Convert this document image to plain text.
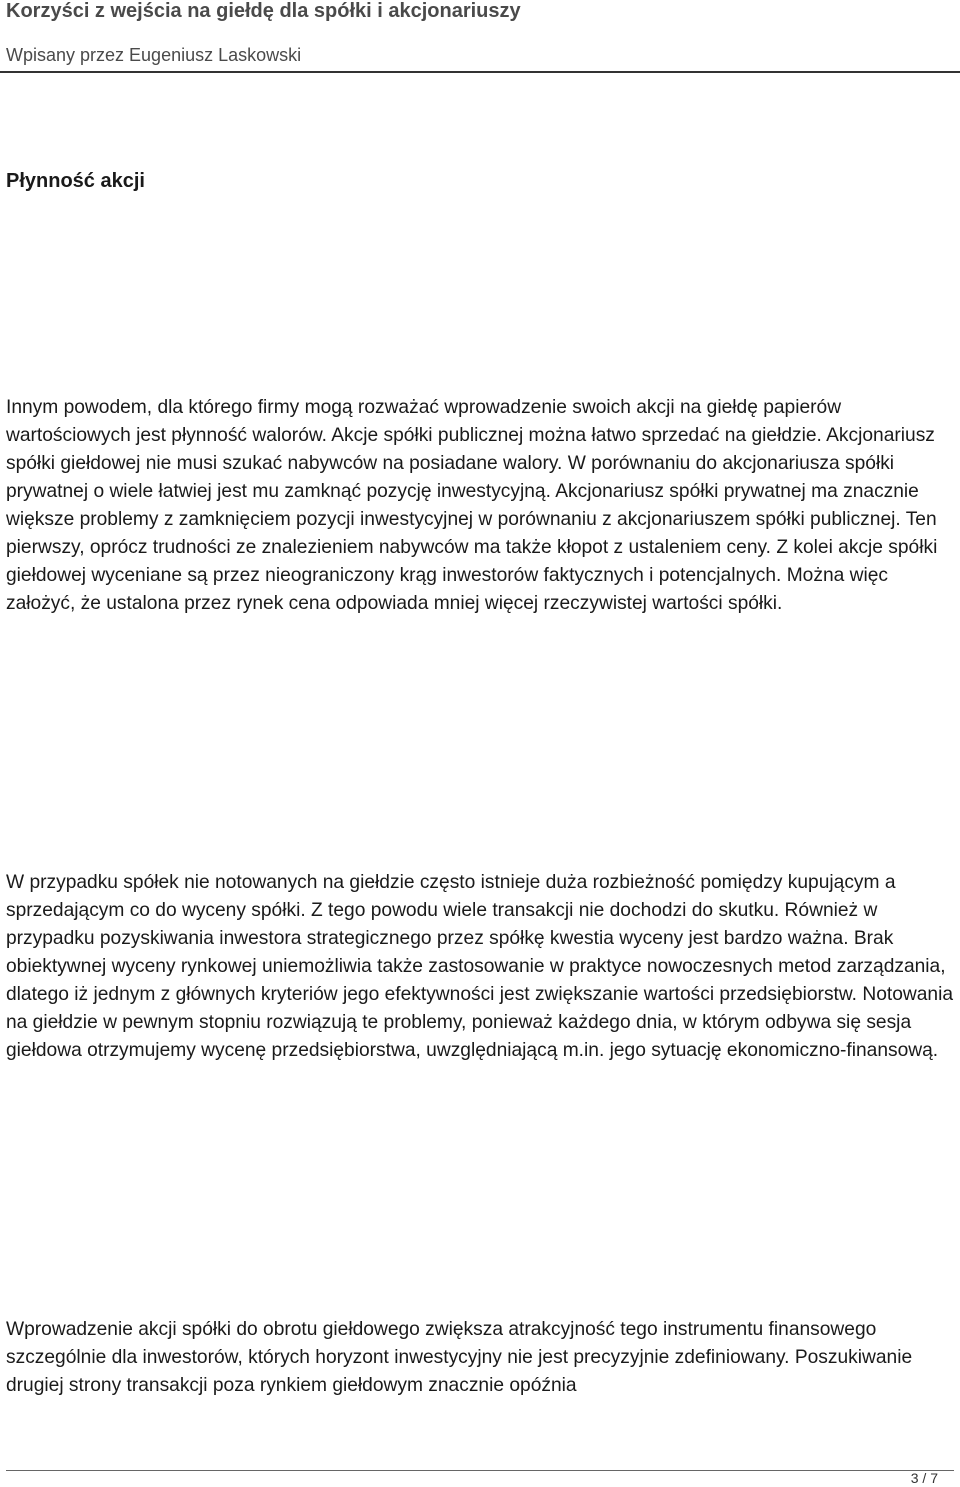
Korzyści z wejścia na giełdę dla spółki i akcjonariuszy
Wpisany przez Eugeniusz Laskowski
Płynność akcji

Innym powodem, dla którego firmy mogą rozważać wprowadzenie swoich akcji na giełdę papierów wartościowych jest płynność walorów. Akcje spółki publicznej można łatwo sprzedać na giełdzie. Akcjonariusz spółki giełdowej nie musi szukać nabywców na posiadane walory. W porównaniu do akcjonariusza spółki prywatnej o wiele łatwiej jest mu zamknąć pozycję inwestycyjną. Akcjonariusz spółki prywatnej ma znacznie większe problemy z zamknięciem pozycji inwestycyjnej w porównaniu z akcjonariuszem spółki publicznej. Ten pierwszy, oprócz trudności ze znalezieniem nabywców ma także kłopot z ustaleniem ceny. Z kolei akcje spółki giełdowej wyceniane są przez nieograniczony krąg inwestorów faktycznych i potencjalnych. Można więc założyć, że ustalona przez rynek cena odpowiada mniej więcej rzeczywistej wartości spółki.

W przypadku spółek nie notowanych na giełdzie często istnieje duża rozbieżność pomiędzy kupującym a sprzedającym co do wyceny spółki. Z tego powodu wiele transakcji nie dochodzi do skutku. Również w przypadku pozyskiwania inwestora strategicznego przez spółkę kwestia wyceny jest bardzo ważna. Brak obiektywnej wyceny rynkowej uniemożliwia także zastosowanie w praktyce nowoczesnych metod zarządzania, dlatego iż jednym z głównych kryteriów jego efektywności jest zwiększanie wartości przedsiębiorstw. Notowania na giełdzie w pewnym stopniu rozwiązują te problemy, ponieważ każdego dnia, w którym odbywa się sesja giełdowa otrzymujemy wycenę przedsiębiorstwa, uwzględniającą m.in. jego sytuację ekonomiczno-finansową.

Wprowadzenie akcji spółki do obrotu giełdowego zwiększa atrakcyjność tego instrumentu finansowego szczególnie dla inwestorów, których horyzont inwestycyjny nie jest precyzyjnie zdefiniowany. Poszukiwanie drugiej strony transakcji poza rynkiem giełdowym znacznie opóźnia

3 / 7
